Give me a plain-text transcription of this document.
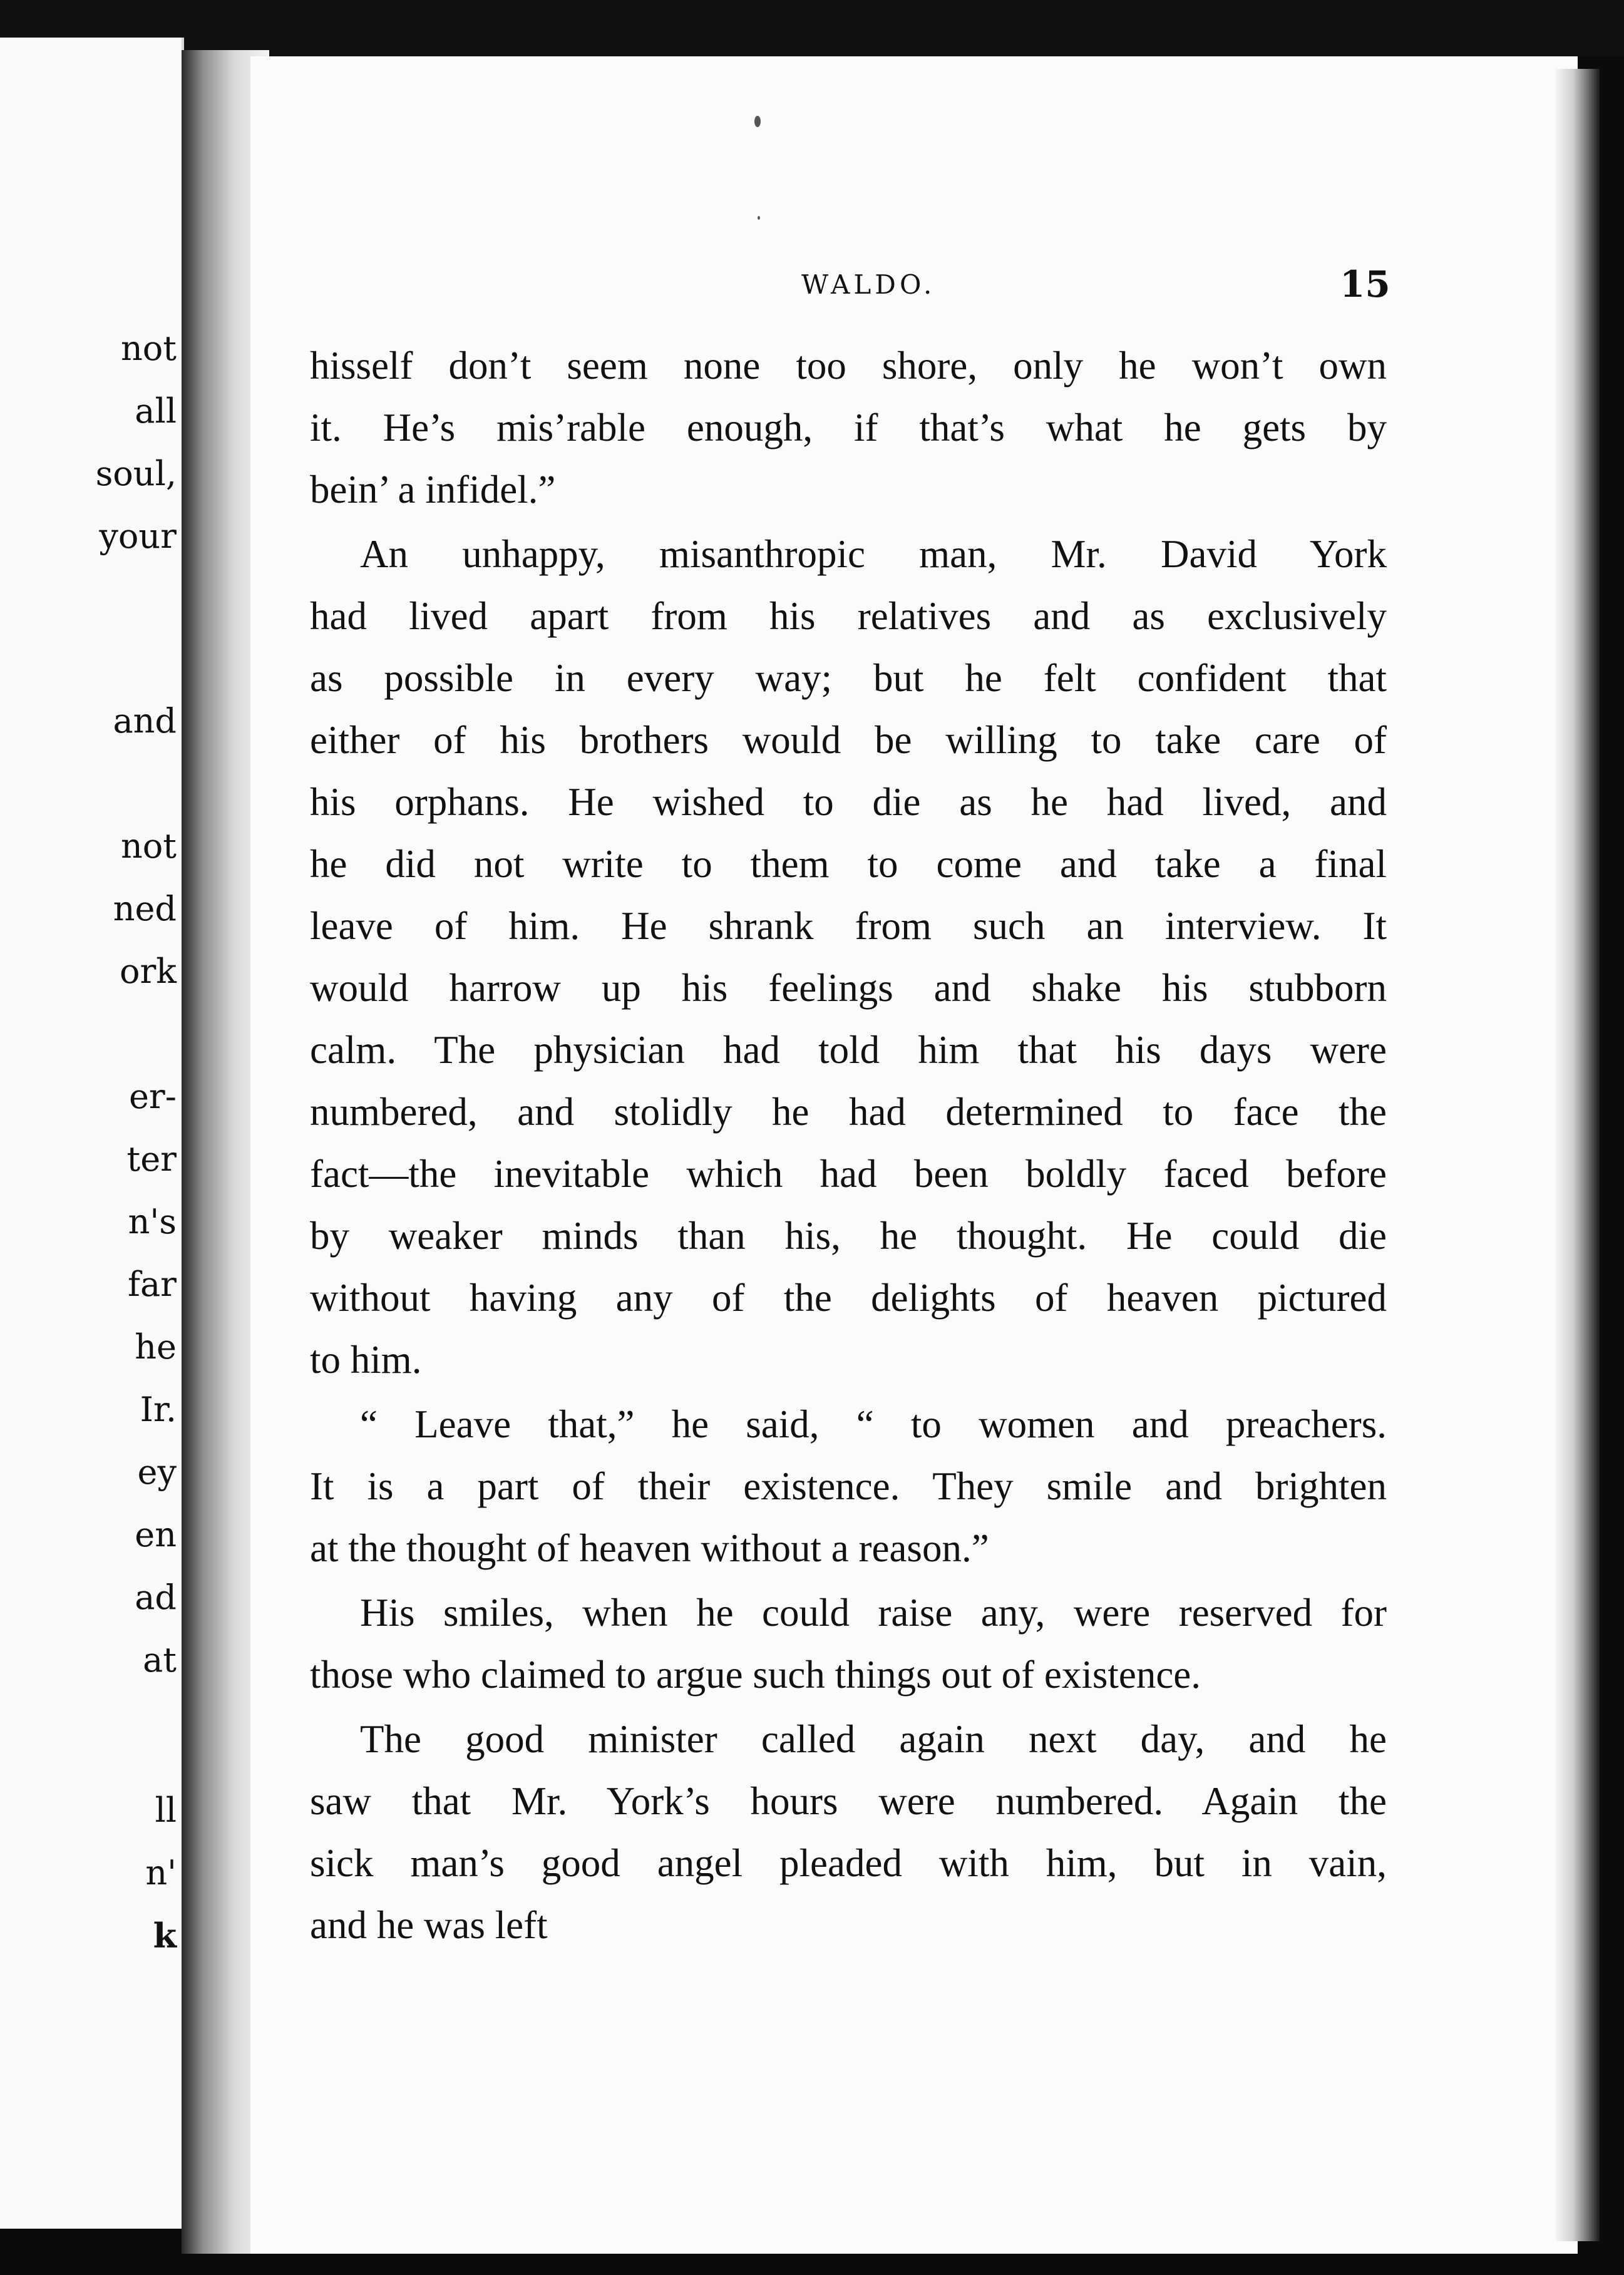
not
all
soul,
your
and
not
ned
ork
er-
ter
n's
far
he
Ir.
ey
en
ad
at
ll
n'
k
WALDO.	15
hisself don’t seem none too shore, only he won’t own
it. He’s mis’rable enough, if that’s what he gets by
bein’ a infidel.”
An unhappy, misanthropic man, Mr. David York
had lived apart from his relatives and as exclusively
as possible in every way; but he felt confident that
either of his brothers would be willing to take care of
his orphans. He wished to die as he had lived, and
he did not write to them to come and take a final
leave of him. He shrank from such an interview. It
would harrow up his feelings and shake his stubborn
calm. The physician had told him that his days were
numbered, and stolidly he had determined to face the
fact—the inevitable which had been boldly faced before
by weaker minds than his, he thought. He could die
without having any of the delights of heaven pictured
to him.
“ Leave that,” he said, “ to women and preachers.
It is a part of their existence. They smile and brighten
at the thought of heaven without a reason.”
His smiles, when he could raise any, were reserved for
those who claimed to argue such things out of existence.
The good minister called again next day, and he
saw that Mr. York’s hours were numbered. Again the
sick man’s good angel pleaded with him, but in vain,
and he was left
